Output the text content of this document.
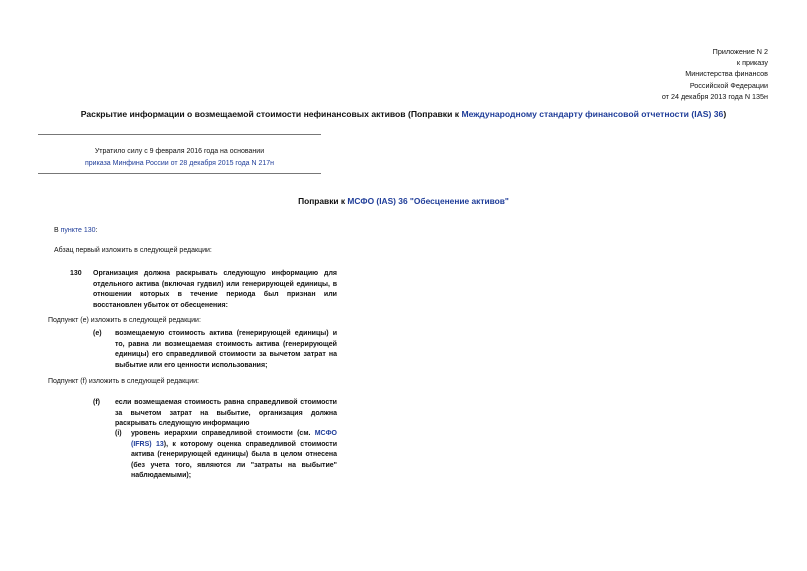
Приложение N 2
к приказу
Министерства финансов
Российской Федерации
от 24 декабря 2013 года N 135н
Раскрытие информации о возмещаемой стоимости нефинансовых активов (Поправки к Международному стандарту финансовой отчетности (IAS) 36)
Утратило силу с 9 февраля 2016 года на основании
приказа Минфина России от 28 декабря 2015 года N 217н
Поправки к МСФО (IAS) 36 "Обесценение активов"
В пункте 130:
Абзац первый изложить в следующей редакции:
130 Организация должна раскрывать следующую информацию для отдельного актива (включая гудвил) или генерирующей единицы, в отношении которых в течение периода был признан или восстановлен убыток от обесценения:
Подпункт (e) изложить в следующей редакции:
(e) возмещаемую стоимость актива (генерирующей единицы) и то, равна ли возмещаемая стоимость актива (генерирующей единицы) его справедливой стоимости за вычетом затрат на выбытие или его ценности использования;
Подпункт (f) изложить в следующей редакции:
(f) если возмещаемая стоимость равна справедливой стоимости за вычетом затрат на выбытие, организация должна раскрывать следующую информацию
(i) уровень иерархии справедливой стоимости (см. МСФО (IFRS) 13), к которому оценка справедливой стоимости актива (генерирующей единицы) была в целом отнесена (без учета того, являются ли "затраты на выбытие" наблюдаемыми);
